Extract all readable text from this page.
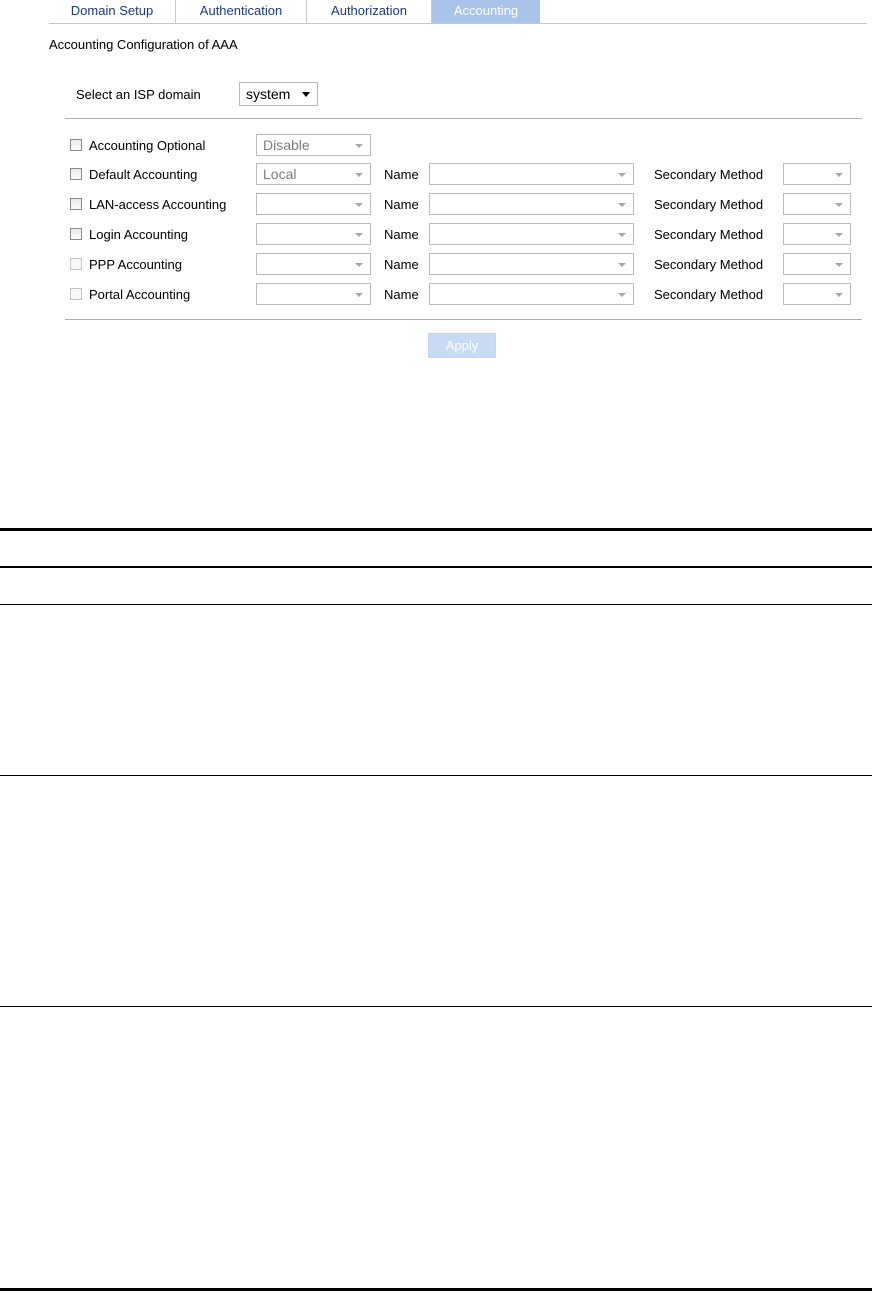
Domain Setup	Authentication	Authorization	Accounting
Accounting Configuration of AAA
Select an ISP domain	system
Accounting Optional	Disable
Default Accounting	Local	Name	Secondary Method
LAN-access Accounting	Name	Secondary Method
Login Accounting	Name	Secondary Method
PPP Accounting	Name	Secondary Method
Portal Accounting	Name	Secondary Method
Apply
